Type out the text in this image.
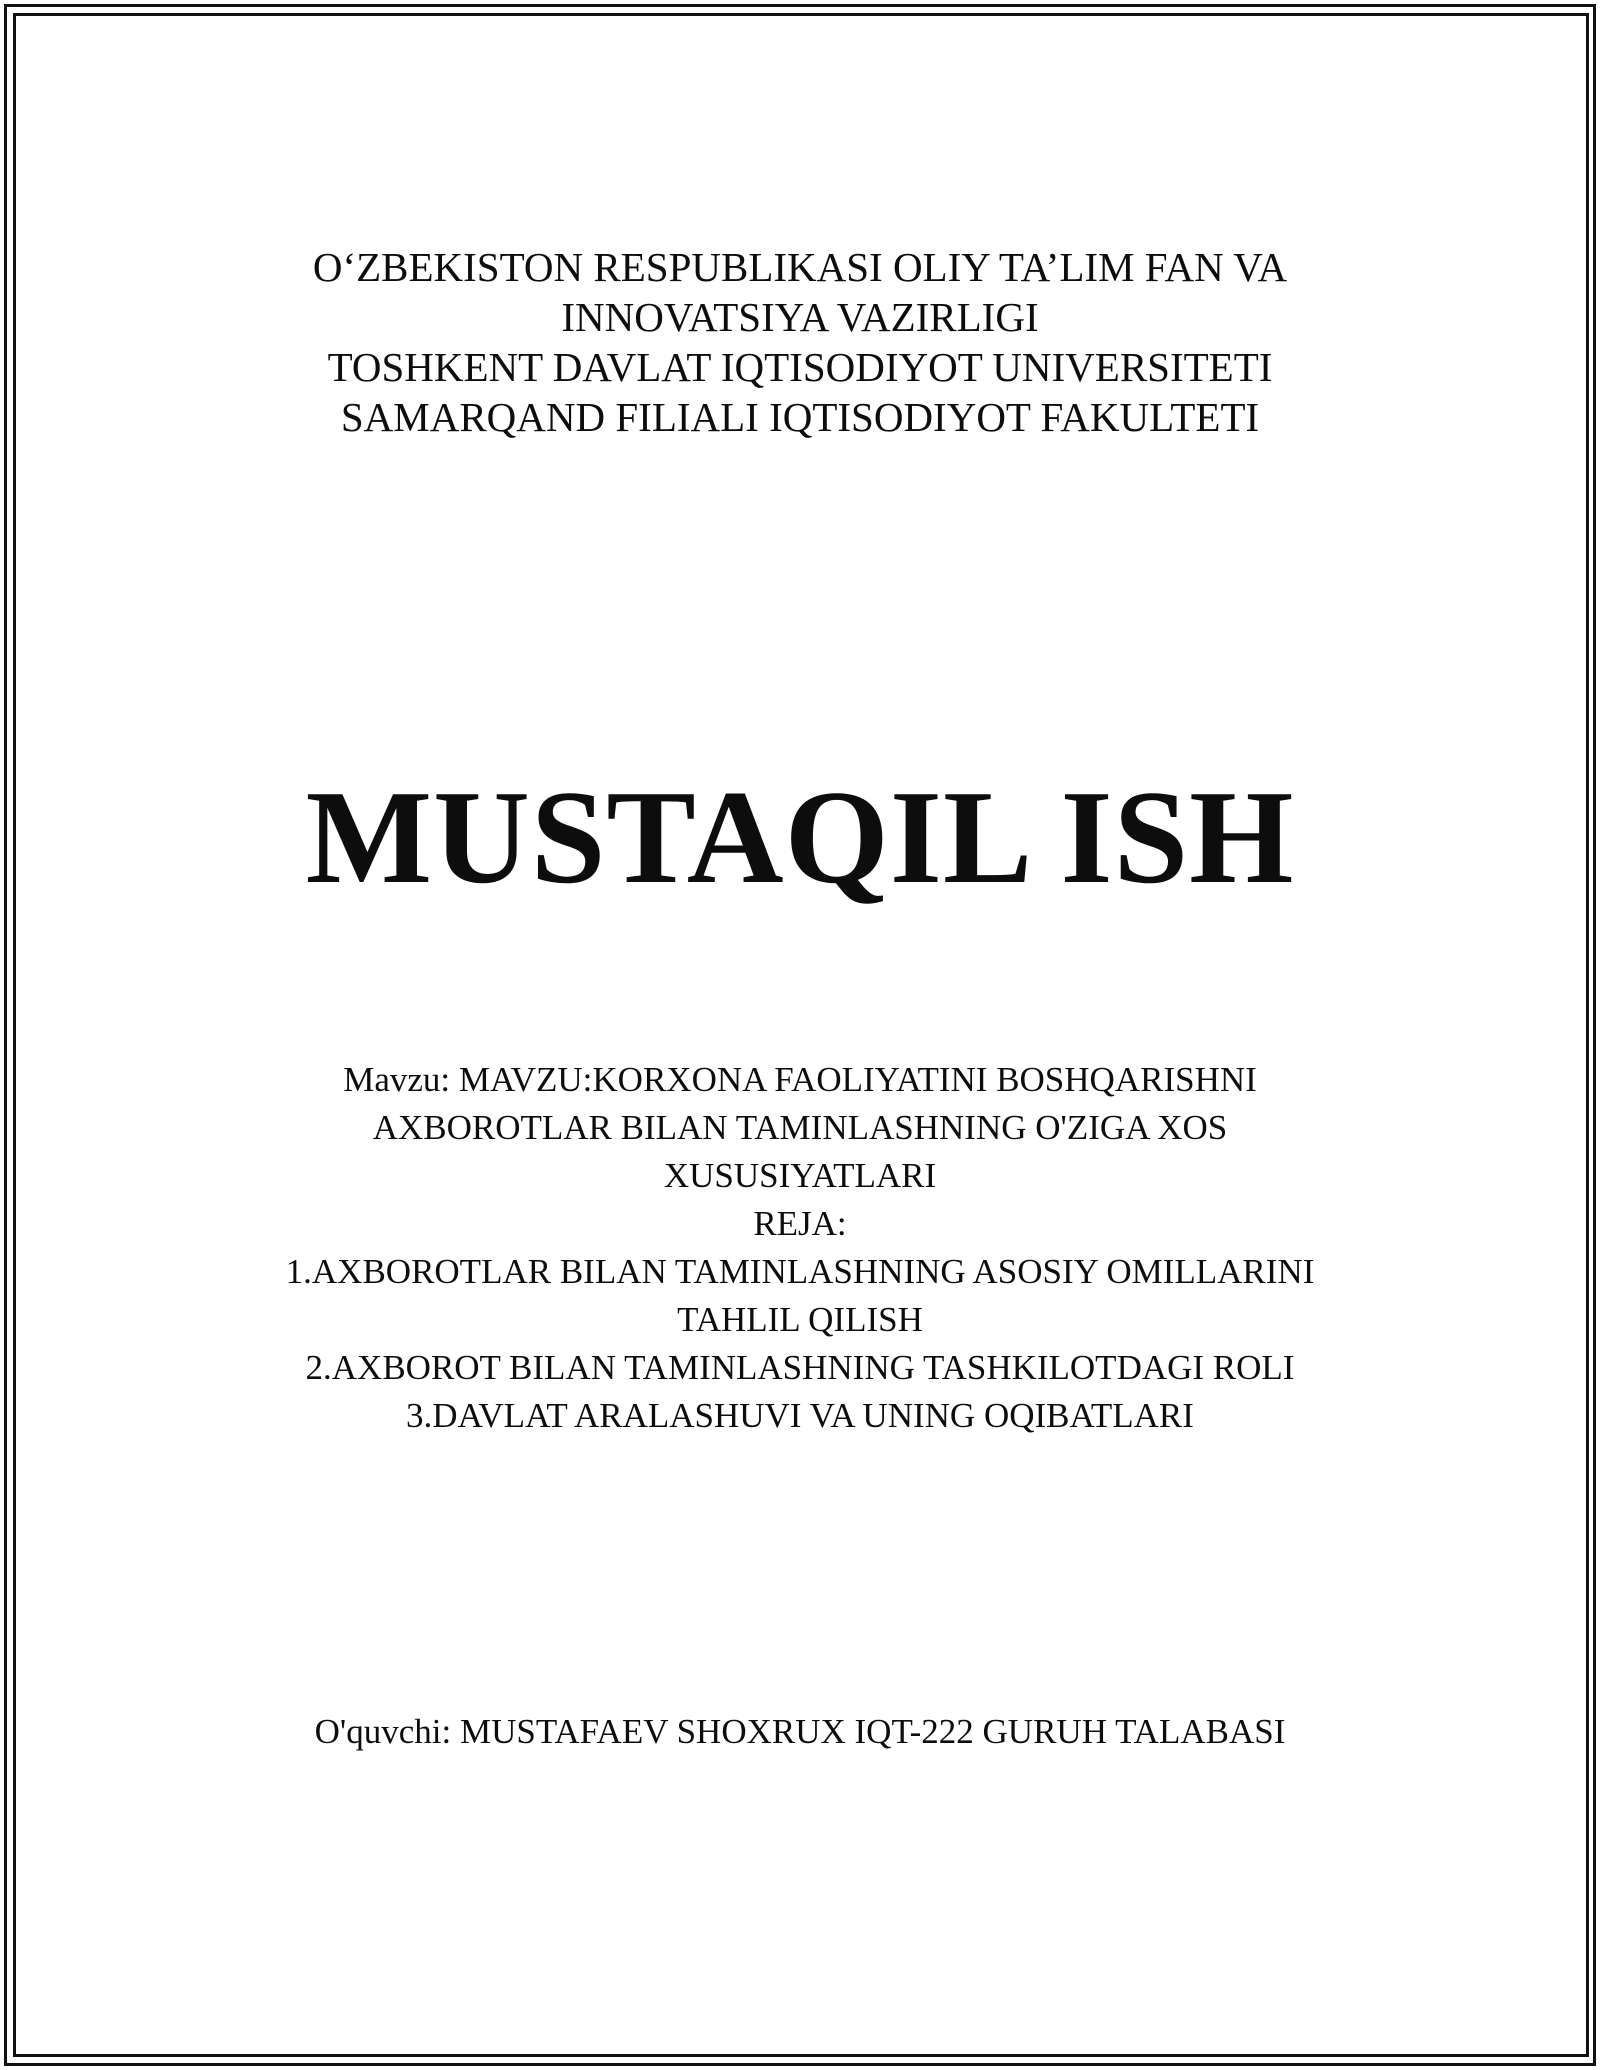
O‘ZBEKISTON RESPUBLIKASI OLIY TA’LIM FAN VA
INNOVATSIYA VAZIRLIGI
TOSHKENT DAVLAT IQTISODIYOT UNIVERSITETI
SAMARQAND FILIALI IQTISODIYOT FAKULTETI
MUSTAQIL ISH
Mavzu: MAVZU:KORXONA FAOLIYATINI BOSHQARISHNI
AXBOROTLAR BILAN TAMINLASHNING O'ZIGA XOS
XUSUSIYATLARI
REJA:
1.AXBOROTLAR BILAN TAMINLASHNING ASOSIY OMILLARINI
TAHLIL QILISH
2.AXBOROT BILAN TAMINLASHNING TASHKILOTDAGI ROLI
3.DAVLAT ARALASHUVI VA UNING OQIBATLARI
O'quvchi: MUSTAFAEV SHOXRUX IQT-222 GURUH TALABASI
